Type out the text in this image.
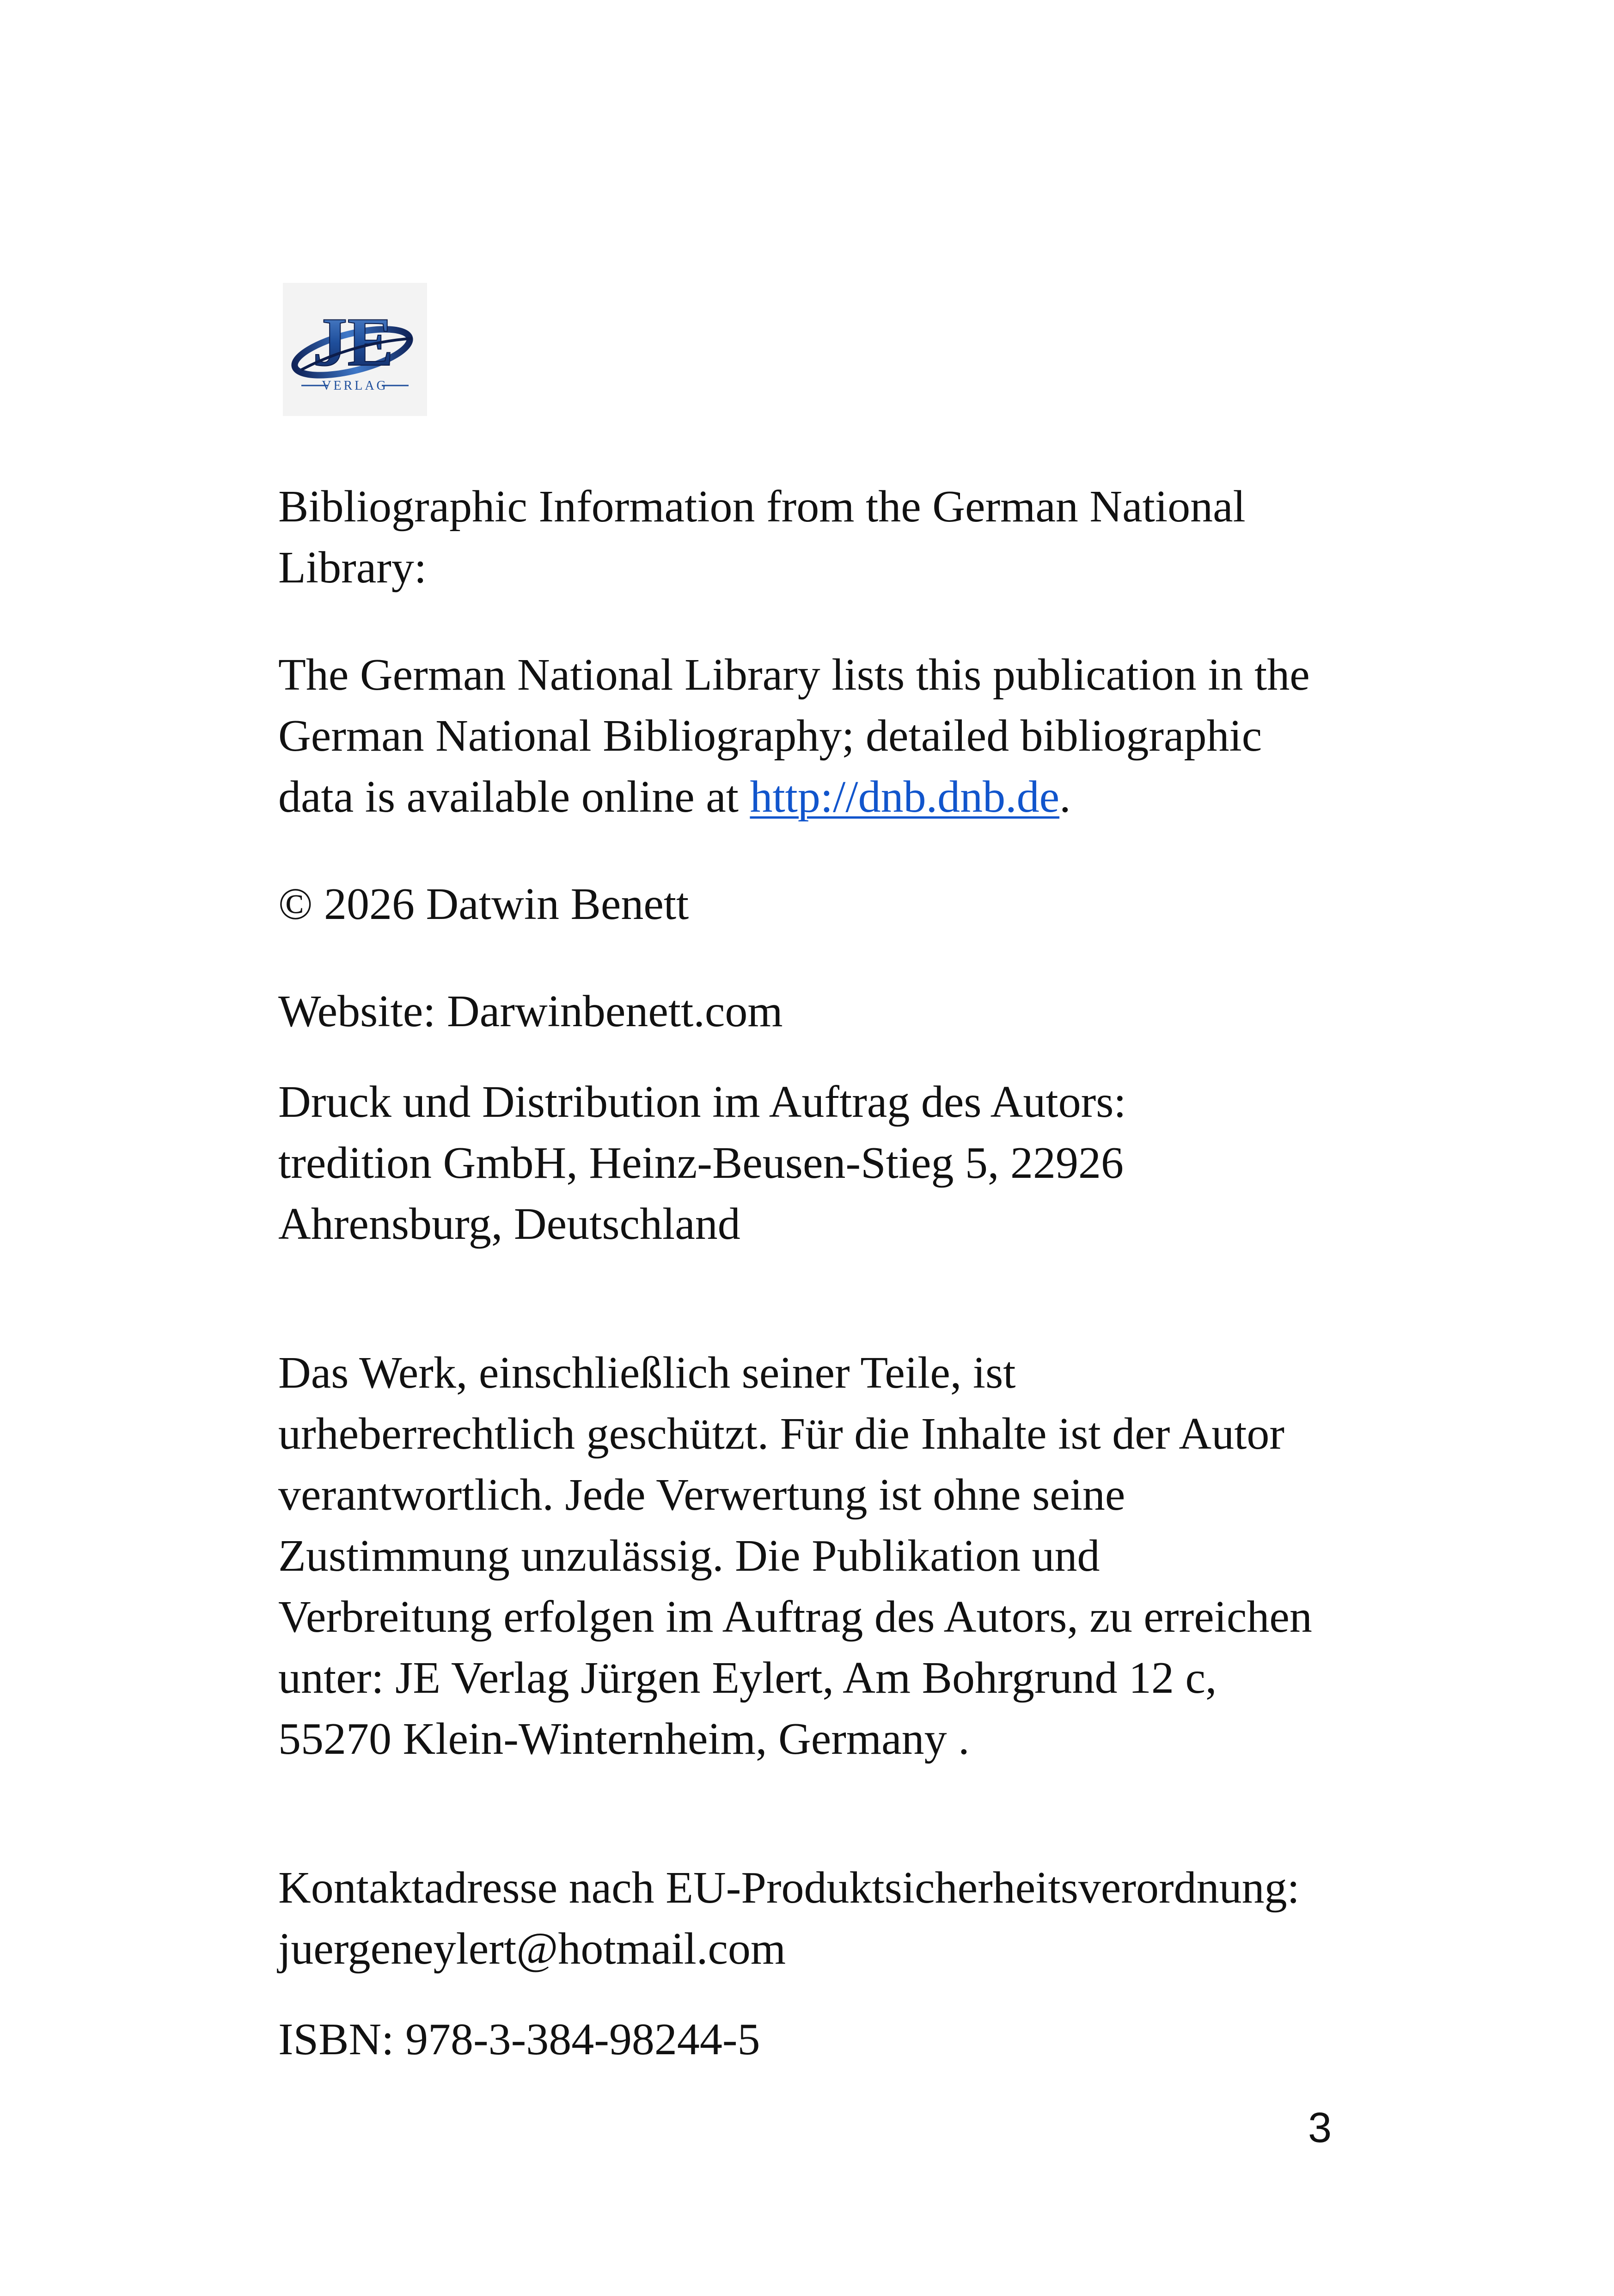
JE
VERLAG

Bibliographic Information from the German National
Library:

The German National Library lists this publication in the
German National Bibliography; detailed bibliographic
data is available online at http://dnb.dnb.de.

© 2026 Datwin Benett

Website: Darwinbenett.com

Druck und Distribution im Auftrag des Autors:
tredition GmbH, Heinz-Beusen-Stieg 5, 22926
Ahrensburg, Deutschland

Das Werk, einschließlich seiner Teile, ist
urheberrechtlich geschützt. Für die Inhalte ist der Autor
verantwortlich. Jede Verwertung ist ohne seine
Zustimmung unzulässig. Die Publikation und
Verbreitung erfolgen im Auftrag des Autors, zu erreichen
unter: JE Verlag Jürgen Eylert, Am Bohrgrund 12 c,
55270 Klein-Winternheim, Germany .

Kontaktadresse nach EU-Produktsicherheitsverordnung:
juergeneylert@hotmail.com

ISBN: 978-3-384-98244-5

3
